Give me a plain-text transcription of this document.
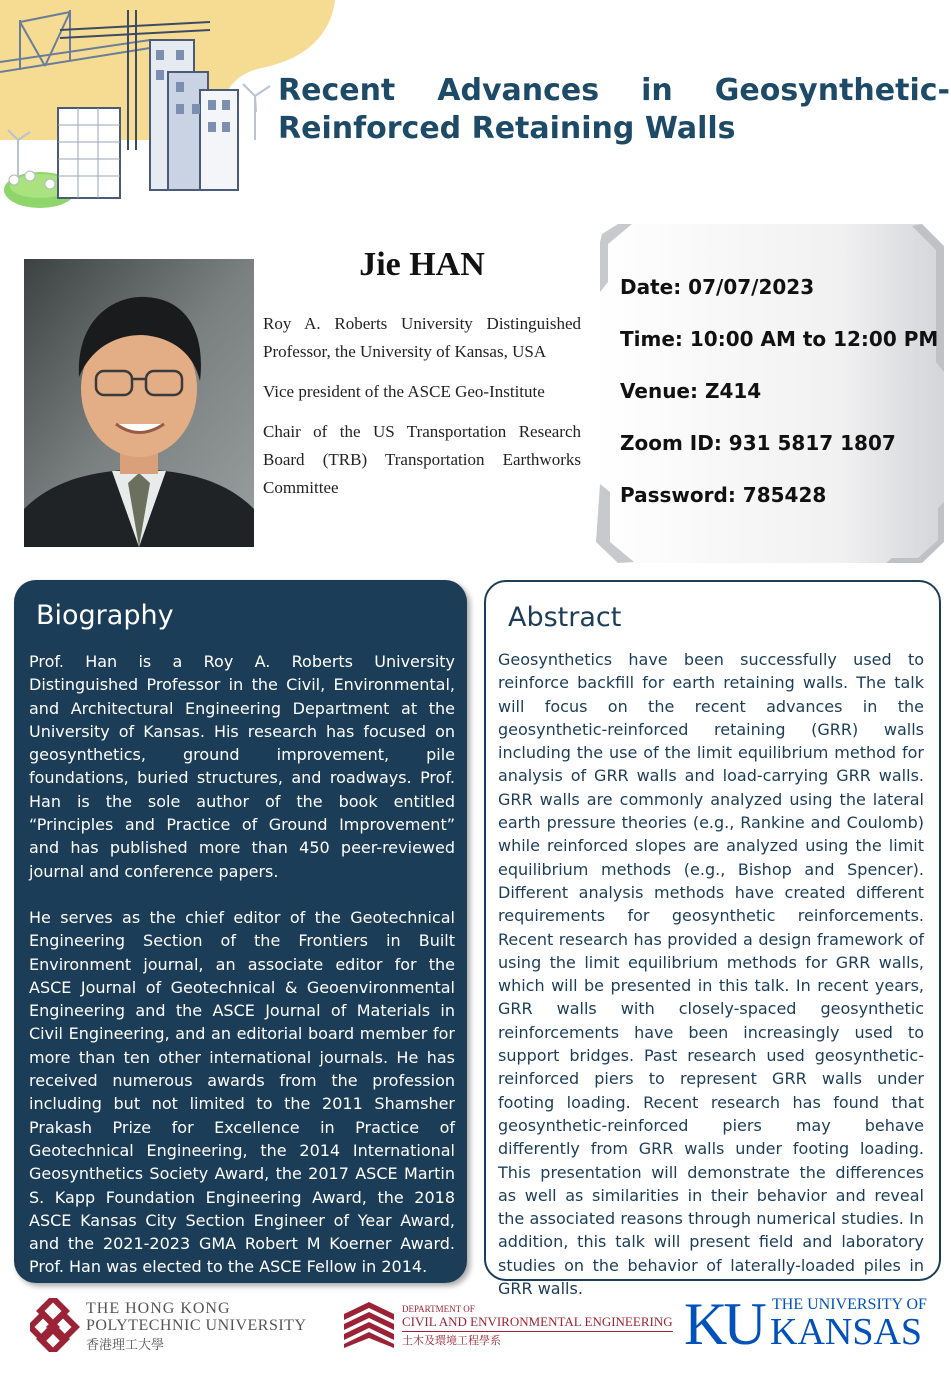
Recent Advances in Geosynthetic-Reinforced Retaining Walls
Jie HAN

Roy A. Roberts University Distinguished Professor, the University of Kansas, USA

Vice president of the ASCE Geo-Institute

Chair of the US Transportation Research Board (TRB) Transportation Earthworks Committee

Date: 07/07/2023
Time: 10:00 AM to 12:00 PM
Venue: Z414
Zoom ID: 931 5817 1807
Password: 785428
Biography

Prof. Han is a Roy A. Roberts University Distinguished Professor in the Civil, Environmental, and Architectural Engineering Department at the University of Kansas. His research has focused on geosynthetics, ground improvement, pile foundations, buried structures, and roadways. Prof. Han is the sole author of the book entitled “Principles and Practice of Ground Improvement” and has published more than 450 peer-reviewed journal and conference papers.

He serves as the chief editor of the Geotechnical Engineering Section of the Frontiers in Built Environment journal, an associate editor for the ASCE Journal of Geotechnical & Geoenvironmental Engineering and the ASCE Journal of Materials in Civil Engineering, and an editorial board member for more than ten other international journals. He has received numerous awards from the profession including but not limited to the 2011 Shamsher Prakash Prize for Excellence in Practice of Geotechnical Engineering, the 2014 International Geosynthetics Society Award, the 2017 ASCE Martin S. Kapp Foundation Engineering Award, the 2018 ASCE Kansas City Section Engineer of Year Award, and the 2021-2023 GMA Robert M Koerner Award. Prof. Han was elected to the ASCE Fellow in 2014.

Abstract

Geosynthetics have been successfully used to reinforce backfill for earth retaining walls. The talk will focus on the recent advances in the geosynthetic-reinforced retaining (GRR) walls including the use of the limit equilibrium method for analysis of GRR walls and load-carrying GRR walls. GRR walls are commonly analyzed using the lateral earth pressure theories (e.g., Rankine and Coulomb) while reinforced slopes are analyzed using the limit equilibrium methods (e.g., Bishop and Spencer). Different analysis methods have created different requirements for geosynthetic reinforcements. Recent research has provided a design framework of using the limit equilibrium methods for GRR walls, which will be presented in this talk. In recent years, GRR walls with closely-spaced geosynthetic reinforcements have been increasingly used to support bridges. Past research used geosynthetic-reinforced piers to represent GRR walls under footing loading. Recent research has found that geosynthetic-reinforced piers may behave differently from GRR walls under footing loading. This presentation will demonstrate the differences as well as similarities in their behavior and reveal the associated reasons through numerical studies. In addition, this talk will present field and laboratory studies on the behavior of laterally-loaded piles in GRR walls.

THE HONG KONG
POLYTECHNIC UNIVERSITY
香港理工大學
DEPARTMENT OF
CIVIL AND ENVIRONMENTAL ENGINEERING
土木及環境工程學系	KU THE UNIVERSITY OF
KANSAS
